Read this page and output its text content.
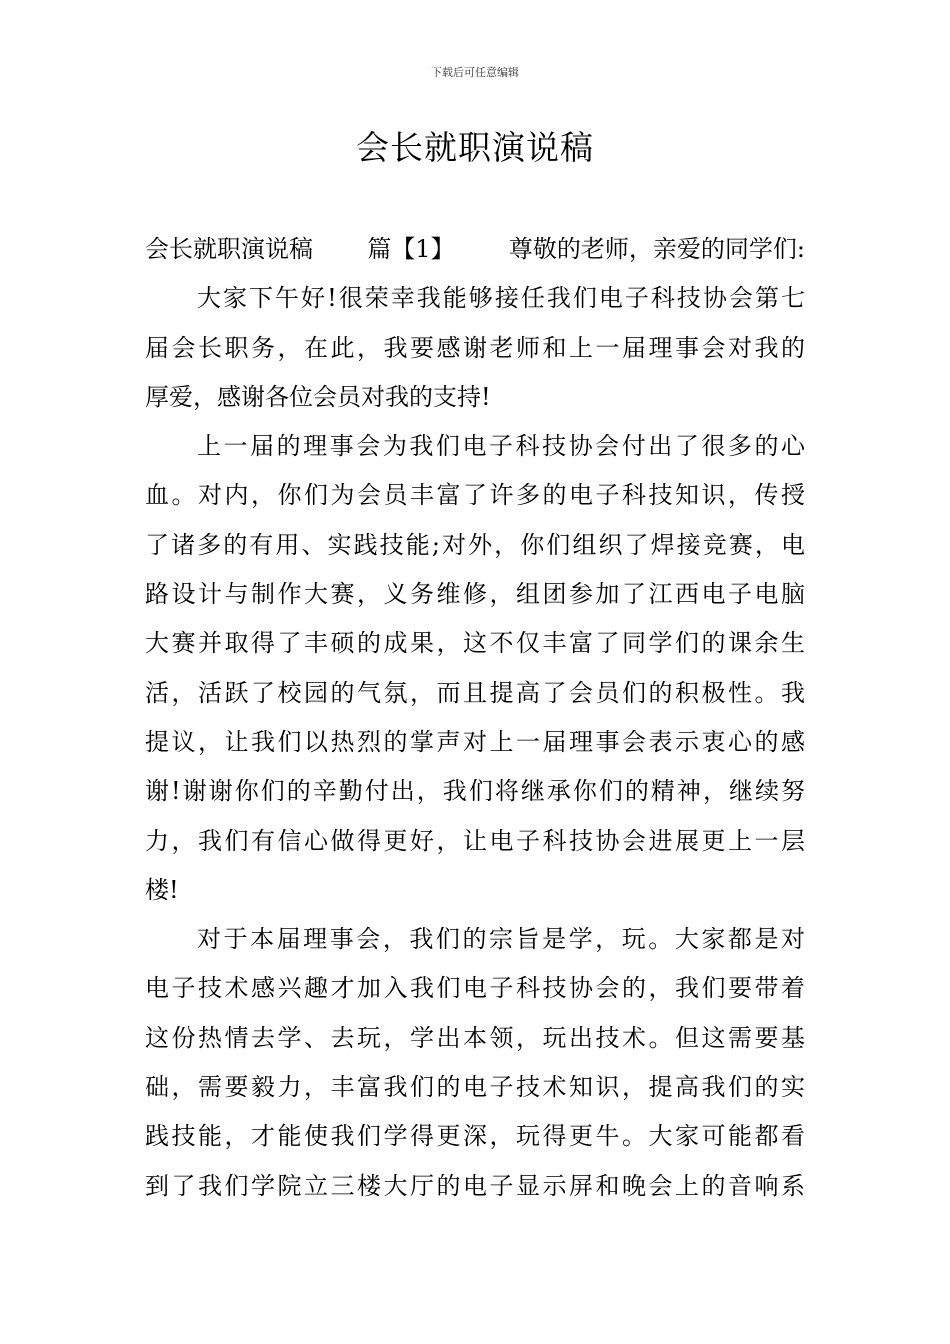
下载后可任意编辑
会长就职演说稿
会长就职演说稿 篇【1】 尊敬的老师，亲爱的同学们:
大家下午好!很荣幸我能够接任我们电子科技协会第七
届会长职务，在此，我要感谢老师和上一届理事会对我的
厚爱，感谢各位会员对我的支持!
上一届的理事会为我们电子科技协会付出了很多的心
血。对内，你们为会员丰富了许多的电子科技知识，传授
了诸多的有用、实践技能;对外，你们组织了焊接竞赛，电
路设计与制作大赛，义务维修，组团参加了江西电子电脑
大赛并取得了丰硕的成果，这不仅丰富了同学们的课余生
活，活跃了校园的气氛，而且提高了会员们的积极性。我
提议，让我们以热烈的掌声对上一届理事会表示衷心的感
谢!谢谢你们的辛勤付出，我们将继承你们的精神，继续努
力，我们有信心做得更好，让电子科技协会进展更上一层
楼!
对于本届理事会，我们的宗旨是学，玩。大家都是对
电子技术感兴趣才加入我们电子科技协会的，我们要带着
这份热情去学、去玩，学出本领，玩出技术。但这需要基
础，需要毅力，丰富我们的电子技术知识，提高我们的实
践技能，才能使我们学得更深，玩得更牛。大家可能都看
到了我们学院立三楼大厅的电子显示屏和晚会上的音响系
